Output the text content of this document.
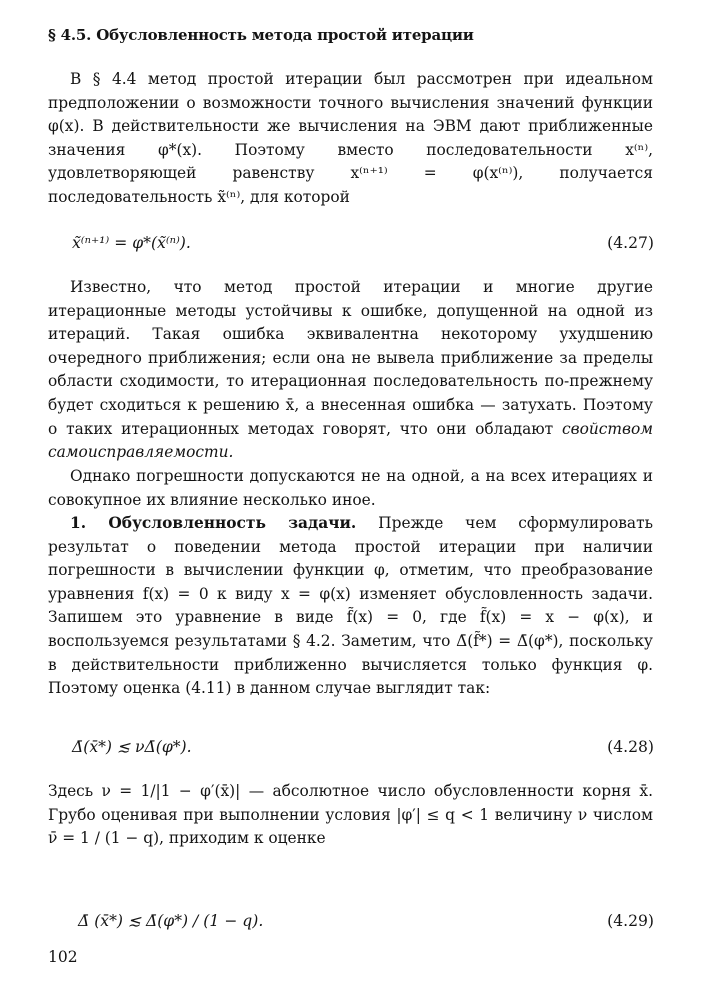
§ 4.5. Обусловленность метода простой итерации
В § 4.4 метод простой итерации был рассмотрен при идеальном предположении о возможности точного вычисления значений функции φ(x). В действительности же вычисления на ЭВМ дают приближенные значения φ*(x). Поэтому вместо последовательности x⁽ⁿ⁾, удовлетворяющей равенству x⁽ⁿ⁺¹⁾ = φ(x⁽ⁿ⁾), получается последовательность x̃⁽ⁿ⁾, для которой
x̃⁽ⁿ⁺¹⁾ = φ*(x̃⁽ⁿ⁾).	(4.27)
Известно, что метод простой итерации и многие другие итерационные методы устойчивы к ошибке, допущенной на одной из итераций. Такая ошибка эквивалентна некоторому ухудшению очередного приближения; если она не вывела приближение за пределы области сходимости, то итерационная последовательность по-прежнему будет сходиться к решению x̄, а внесенная ошибка — затухать. Поэтому о таких итерационных методах говорят, что они обладают свойством самоисправляемости.
Однако погрешности допускаются не на одной, а на всех итерациях и совокупное их влияние несколько иное.
1. Обусловленность задачи. Прежде чем сформулировать результат о поведении метода простой итерации при наличии погрешности в вычислении функции φ, отметим, что преобразование уравнения f(x) = 0 к виду x = φ(x) изменяет обусловленность задачи. Запишем это уравнение в виде f̃(x) = 0, где f̃(x) = x − φ(x), и воспользуемся результатами § 4.2. Заметим, что Δ̄(f̃*) = Δ̄(φ*), поскольку в действительности приближенно вычисляется только функция φ. Поэтому оценка (4.11) в данном случае выглядит так:
Δ̄(x̄*) ≲ νΔ̄(φ*).	(4.28)
Здесь ν = 1/|1 − φ′(x̄)| — абсолютное число обусловленности корня x̄. Грубо оценивая при выполнении условия |φ′| ≤ q < 1 величину ν числом ν̄ = 1 / (1 − q), приходим к оценке
Δ̄ (x̄*) ≲ Δ̄(φ*) / (1 − q).	(4.29)
102
